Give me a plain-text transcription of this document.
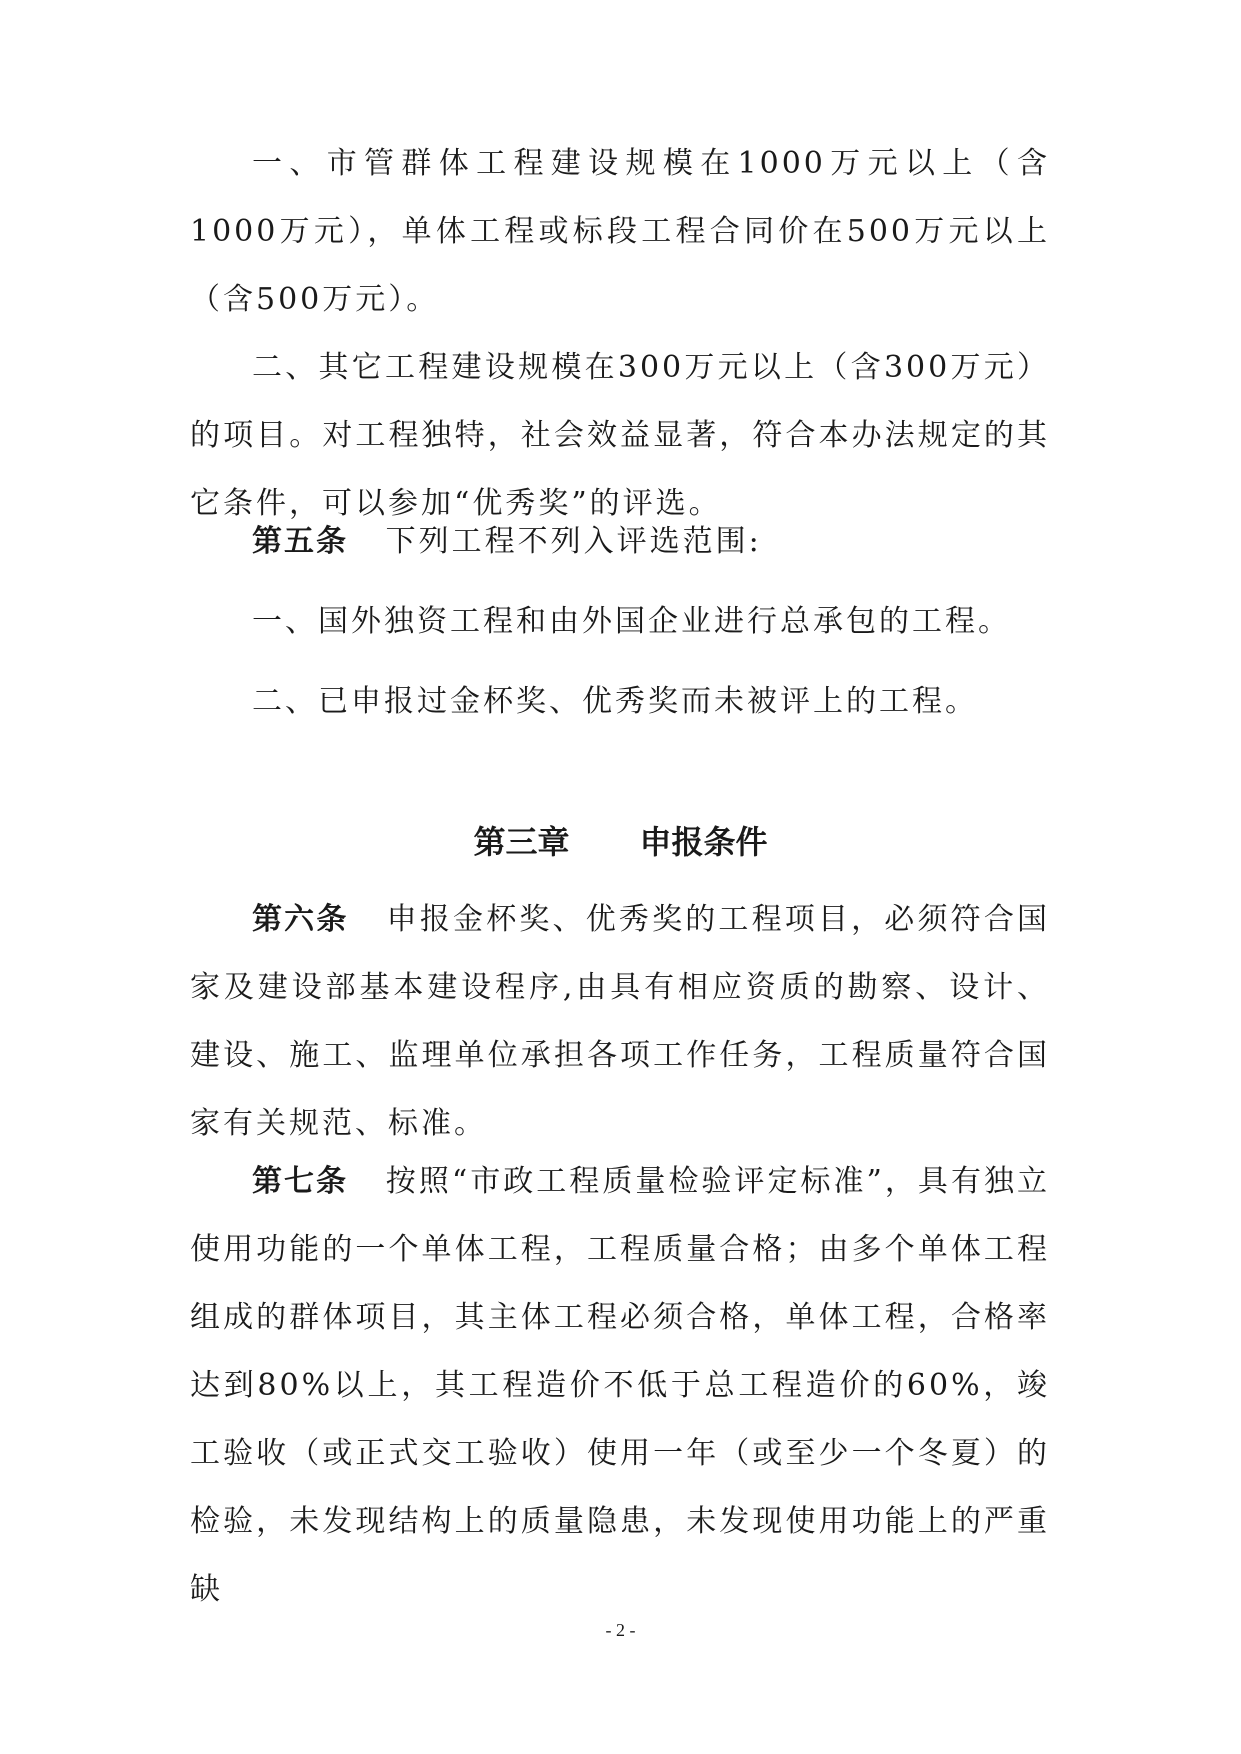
一、市管群体工程建设规模在1000万元以上（含1000万元），单体工程或标段工程合同价在500万元以上（含500万元）。

二、其它工程建设规模在300万元以上（含300万元）的项目。对工程独特，社会效益显著，符合本办法规定的其它条件，可以参加“优秀奖”的评选。

第五条 下列工程不列入评选范围:

一、国外独资工程和由外国企业进行总承包的工程。

二、已申报过金杯奖、优秀奖而未被评上的工程。

第三章 申报条件

第六条 申报金杯奖、优秀奖的工程项目，必须符合国家及建设部基本建设程序,由具有相应资质的勘察、设计、建设、施工、监理单位承担各项工作任务，工程质量符合国家有关规范、标准。

第七条 按照“市政工程质量检验评定标准”，具有独立使用功能的一个单体工程，工程质量合格；由多个单体工程组成的群体项目，其主体工程必须合格，单体工程，合格率达到80%以上，其工程造价不低于总工程造价的60%，竣工验收（或正式交工验收）使用一年（或至少一个冬夏）的检验，未发现结构上的质量隐患，未发现使用功能上的严重缺

- 2 -
